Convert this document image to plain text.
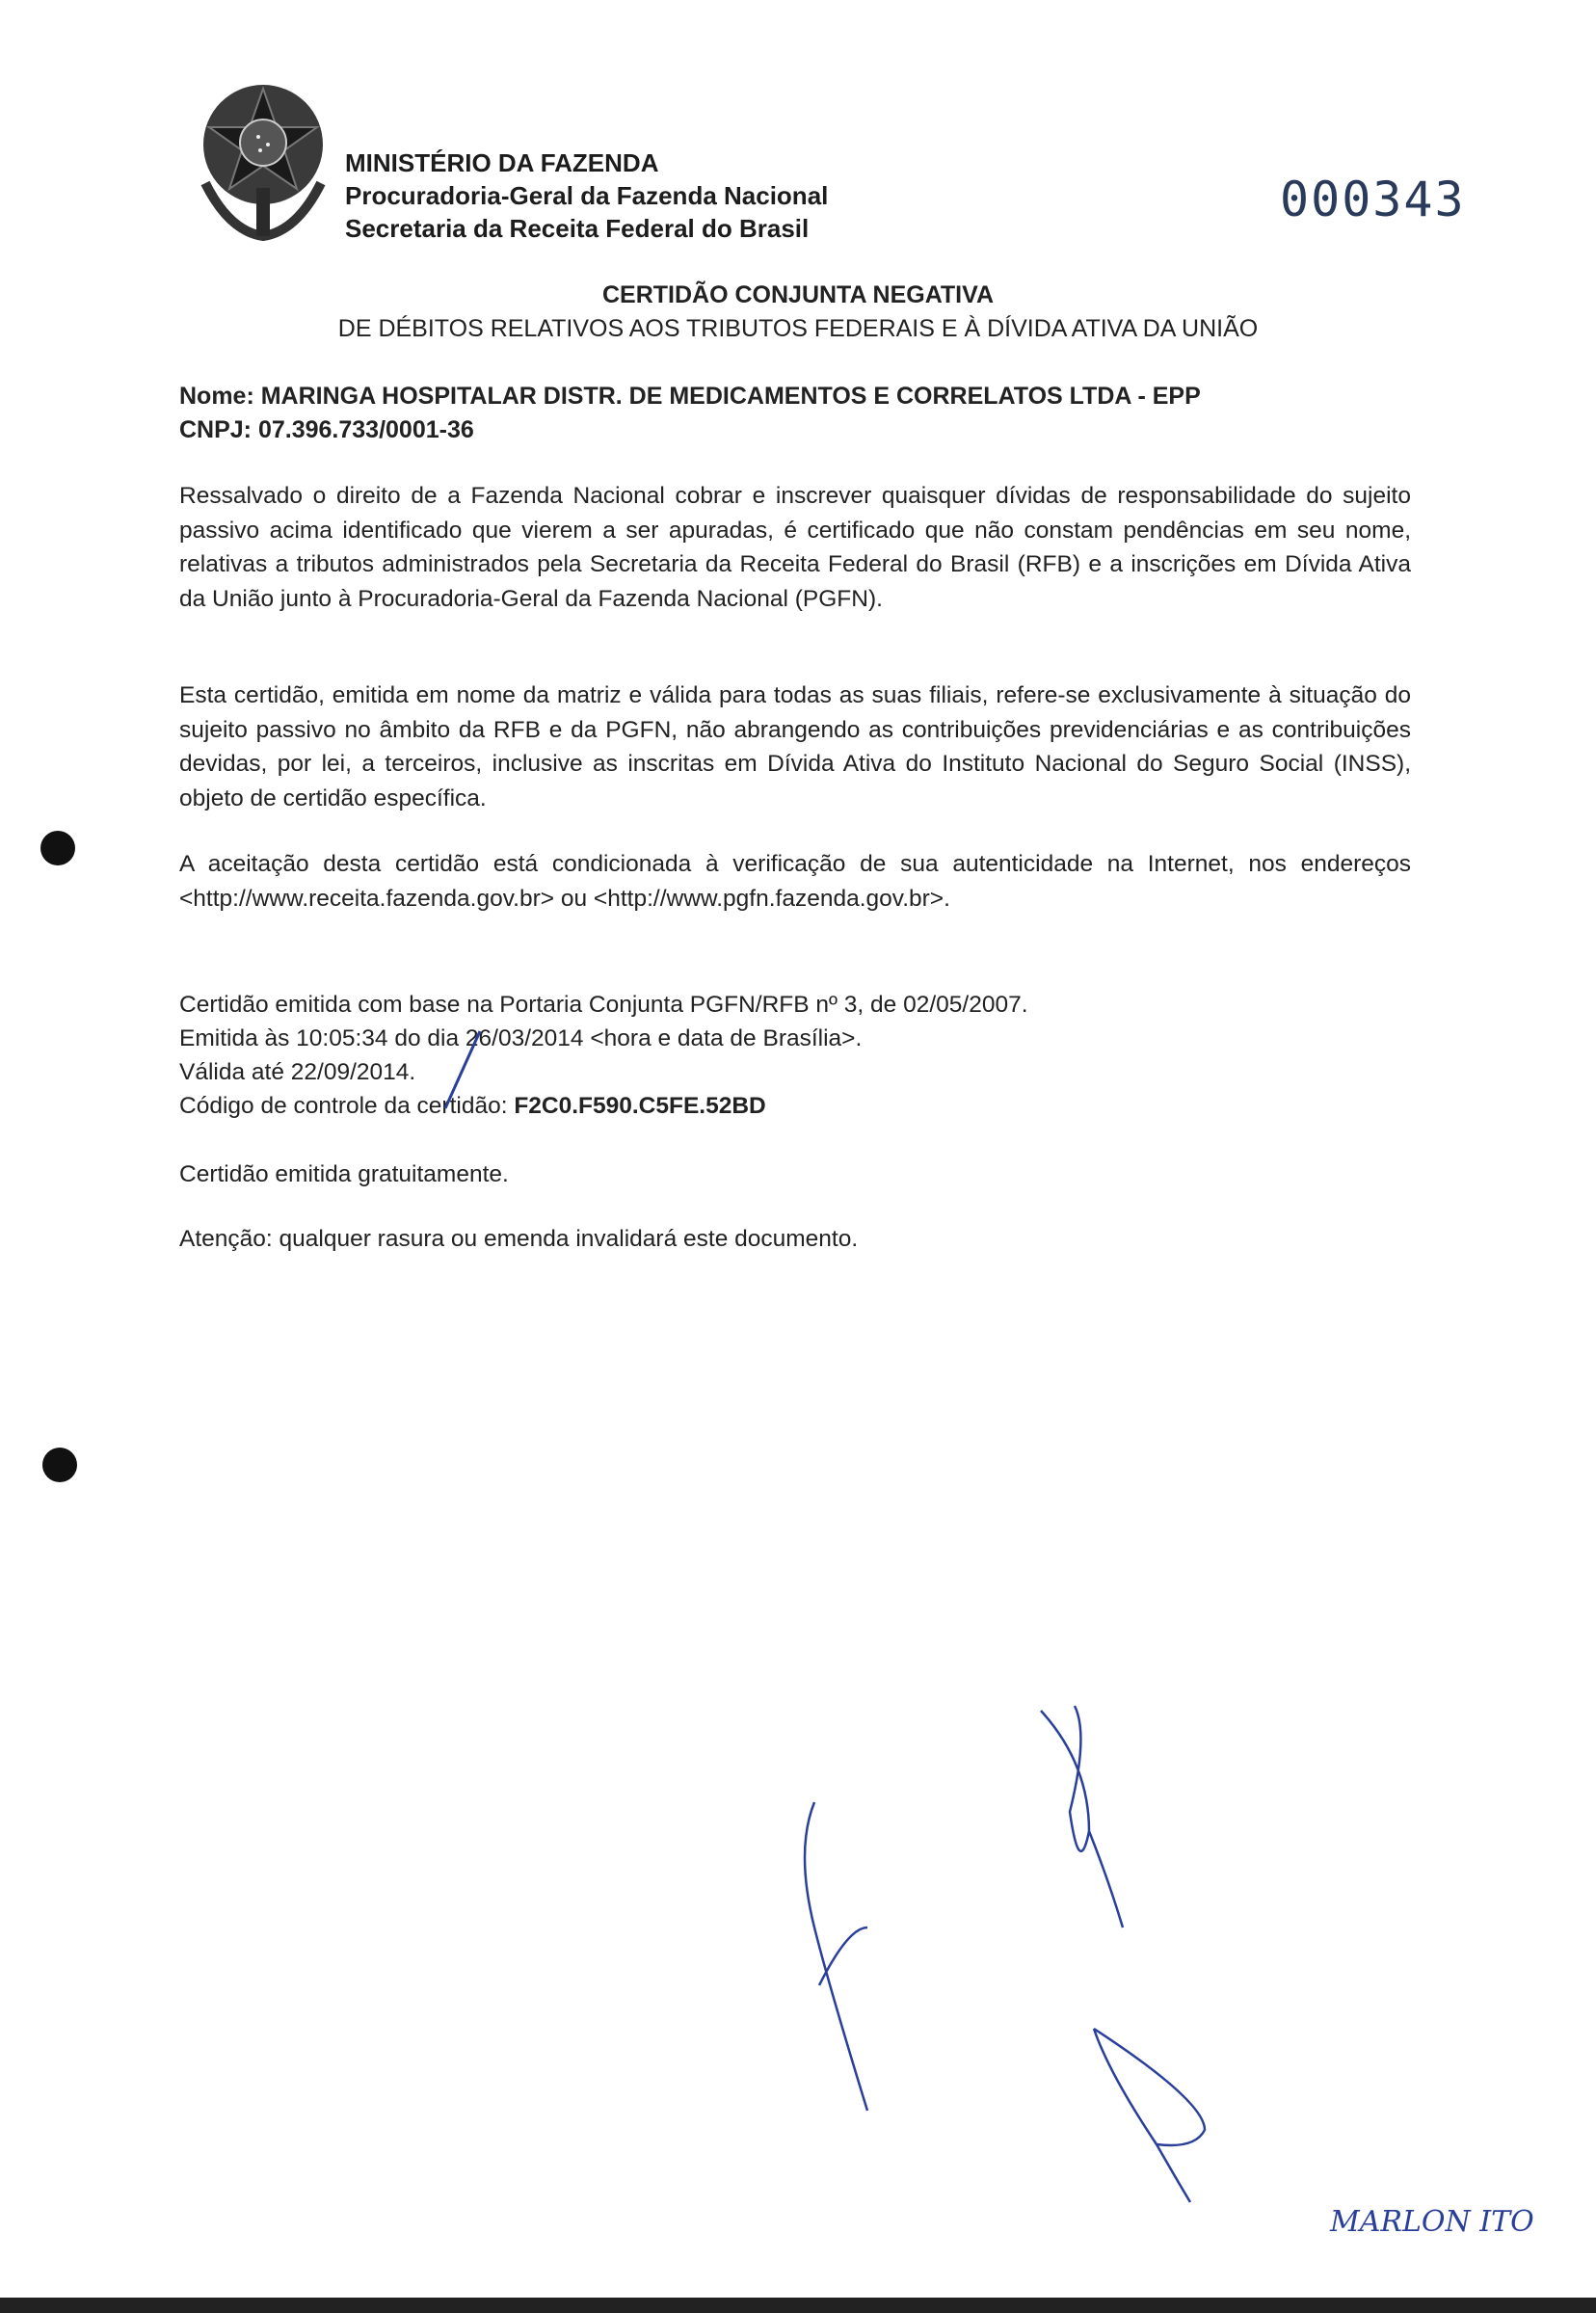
MINISTÉRIO DA FAZENDA
Procuradoria-Geral da Fazenda Nacional
Secretaria da Receita Federal do Brasil
000343
CERTIDÃO CONJUNTA NEGATIVA
DE DÉBITOS RELATIVOS AOS TRIBUTOS FEDERAIS E À DÍVIDA ATIVA DA UNIÃO
Nome: MARINGA HOSPITALAR DISTR. DE MEDICAMENTOS E CORRELATOS LTDA - EPP
CNPJ: 07.396.733/0001-36
Ressalvado o direito de a Fazenda Nacional cobrar e inscrever quaisquer dívidas de responsabilidade do sujeito passivo acima identificado que vierem a ser apuradas, é certificado que não constam pendências em seu nome, relativas a tributos administrados pela Secretaria da Receita Federal do Brasil (RFB) e a inscrições em Dívida Ativa da União junto à Procuradoria-Geral da Fazenda Nacional (PGFN).
Esta certidão, emitida em nome da matriz e válida para todas as suas filiais, refere-se exclusivamente à situação do sujeito passivo no âmbito da RFB e da PGFN, não abrangendo as contribuições previdenciárias e as contribuições devidas, por lei, a terceiros, inclusive as inscritas em Dívida Ativa do Instituto Nacional do Seguro Social (INSS), objeto de certidão específica.
A aceitação desta certidão está condicionada à verificação de sua autenticidade na Internet, nos endereços <http://www.receita.fazenda.gov.br> ou <http://www.pgfn.fazenda.gov.br>.
Certidão emitida com base na Portaria Conjunta PGFN/RFB nº 3, de 02/05/2007.
Emitida às 10:05:34 do dia 26/03/2014 <hora e data de Brasília>.
Válida até 22/09/2014.
Código de controle da certidão: F2C0.F590.C5FE.52BD
Certidão emitida gratuitamente.
Atenção: qualquer rasura ou emenda invalidará este documento.
MARLON ITO
